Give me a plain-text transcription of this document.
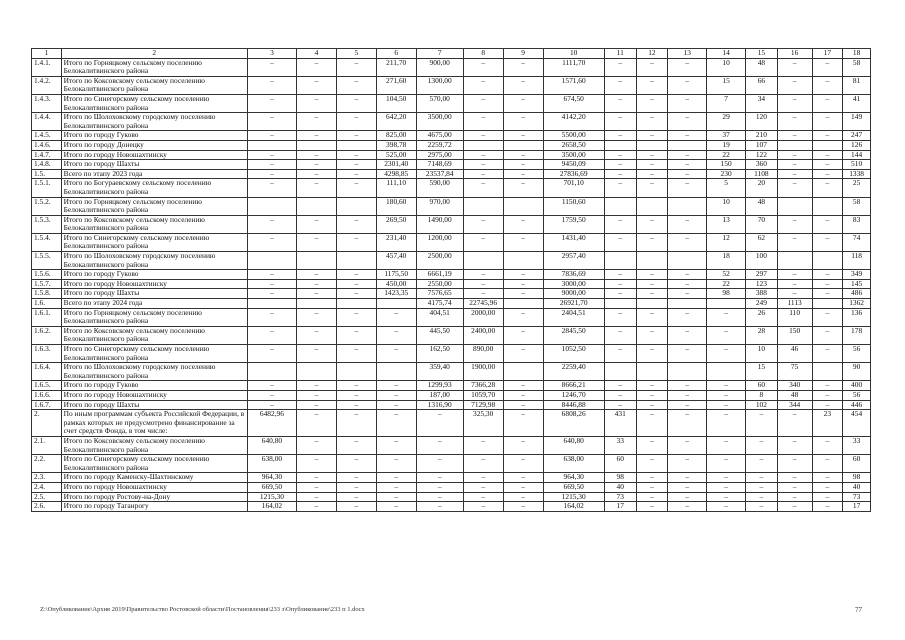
1	2	3	4	5	6	7	8	9	10	11	12	13	14	15	16	17	18
1.4.1.	Итого по Горняцкому сельскому поселению Белокалитвинского района	–	–	–	211,70	900,00	–	–	1111,70	–	–	–	10	48	–	–	58
1.4.2.	Итого по Коксовскому сельскому поселению Белокалитвинского района	–	–	–	271,60	1300,00	–	–	1571,60	–	–	–	15	66	–	–	81
1.4.3.	Итого по Синегорскому сельскому поселению Белокалитвинского района	–	–	–	104,50	570,00	–	–	674,50	–	–	–	7	34	–	–	41
1.4.4.	Итого по Шолоховскому городскому поселению Белокалитвинского района	–	–	–	642,20	3500,00	–	–	4142,20	–	–	–	29	120	–	–	149
1.4.5.	Итого по городу Гуково	–	–	–	825,00	4675,00	–	–	5500,00	–	–	–	37	210	–	–	247
1.4.6.	Итого по городу Донецку				398,78	2259,72			2658,50				19	107			126
1.4.7.	Итого по городу Новошахтинску	–	–	–	525,00	2975,00	–	–	3500,00	–	–	–	22	122	–	–	144
1.4.8.	Итого по городу Шахты	–	–	–	2301,40	7148,69	–	–	9450,09	–	–	–	150	360	–	–	510
1.5.	Всего по этапу 2023 года	–	–	–	4298,85	23537,84	–	–	27836,69	–	–	–	230	1108	–	–	1338
1.5.1.	Итого по Богураевскому сельскому поселению Белокалитвинского района	–	–	–	111,10	590,00	–	–	701,10	–	–	–	5	20	–	–	25
1.5.2.	Итого по Горняцкому сельскому поселению Белокалитвинского района				180,60	970,00			1150,60				10	48			58
1.5.3.	Итого по Коксовскому сельскому поселению Белокалитвинского района	–	–	–	269,50	1490,00	–	–	1759,50	–	–	–	13	70	–	–	83
1.5.4.	Итого по Синегорскому сельскому поселению Белокалитвинского района	–	–	–	231,40	1200,00	–	–	1431,40	–	–	–	12	62	–	–	74
1.5.5.	Итого по Шолоховскому городскому поселению Белокалитвинского района				457,40	2500,00			2957,40				18	100			118
1.5.6.	Итого по городу Гуково	–	–	–	1175,50	6661,19	–	–	7836,69	–	–	–	52	297	–	–	349
1.5.7.	Итого по городу Новошахтинску	–	–	–	450,00	2550,00	–	–	3000,00	–	–	–	22	123	–	–	145
1.5.8.	Итого по городу Шахты	–	–	–	1423,35	7576,65	–	–	9000,00	–	–	–	98	388	–	–	486
1.6.	Всего по этапу 2024 года					4175,74	22745,96		26921,70					249	1113		1362
1.6.1.	Итого по Горняцкому сельскому поселению Белокалитвинского района	–	–	–	–	404,51	2000,00	–	2404,51	–	–	–	–	26	110	–	136
1.6.2.	Итого по Коксовскому сельскому поселению Белокалитвинского района	–	–	–	–	445,50	2400,00	–	2845,50	–	–	–	–	28	150	–	178
1.6.3.	Итого по Синегорскому сельскому поселению Белокалитвинского района	–	–	–	–	162,50	890,00	–	1052,50	–	–	–	–	10	46	–	56
1.6.4.	Итого по Шолоховскому городскому поселению Белокалитвинского района					359,40	1900,00		2259,40					15	75		90
1.6.5.	Итого по городу Гуково	–	–	–	–	1299,93	7366,28	–	8666,21	–	–	–	–	60	340	–	400
1.6.6.	Итого по городу Новошахтинску	–	–	–	–	187,00	1059,70	–	1246,70	–	–	–	–	8	48	–	56
1.6.7.	Итого по городу Шахты	–	–	–	–	1316,90	7129,98	–	8446,88	–	–	–	–	102	344	–	446
2.	По иным программам субъекта Российской Федерации, в рамках которых не предусмотрено финансирование за счет средств Фонда, в том числе:	6482,96	–	–	–	–	325,30	–	6808,26	431	–	–	–	–	–	23	454
2.1.	Итого по Коксовскому сельскому поселению Белокалитвинского района	640,80	–	–	–	–	–	–	640,80	33	–	–	–	–	–	–	33
2.2.	Итого по Синегорскому сельскому поселению Белокалитвинского района	638,00	–	–	–	–	–	–	638,00	60	–	–	–	–	–	–	60
2.3.	Итого по городу Каменску-Шахтинскому	964,30	–	–	–	–	–	–	964,30	98	–	–	–	–	–	–	98
2.4.	Итого по городу Новошахтинску	669,50	–	–	–	–	–	–	669,50	40	–	–	–	–	–	–	40
2.5.	Итого по городу Ростову-на-Дону	1215,30	–	–	–	–	–	–	1215,30	73	–	–	–	–	–	–	73
2.6.	Итого по городу Таганрогу	164,02	–	–	–	–	–	–	164,02	17	–	–	–	–	–	–	17
Z:\Опубликование\Архив 2019\Правительство Ростовской области\Постановления\233 з\Опубликование\233 п 1.docx	77
